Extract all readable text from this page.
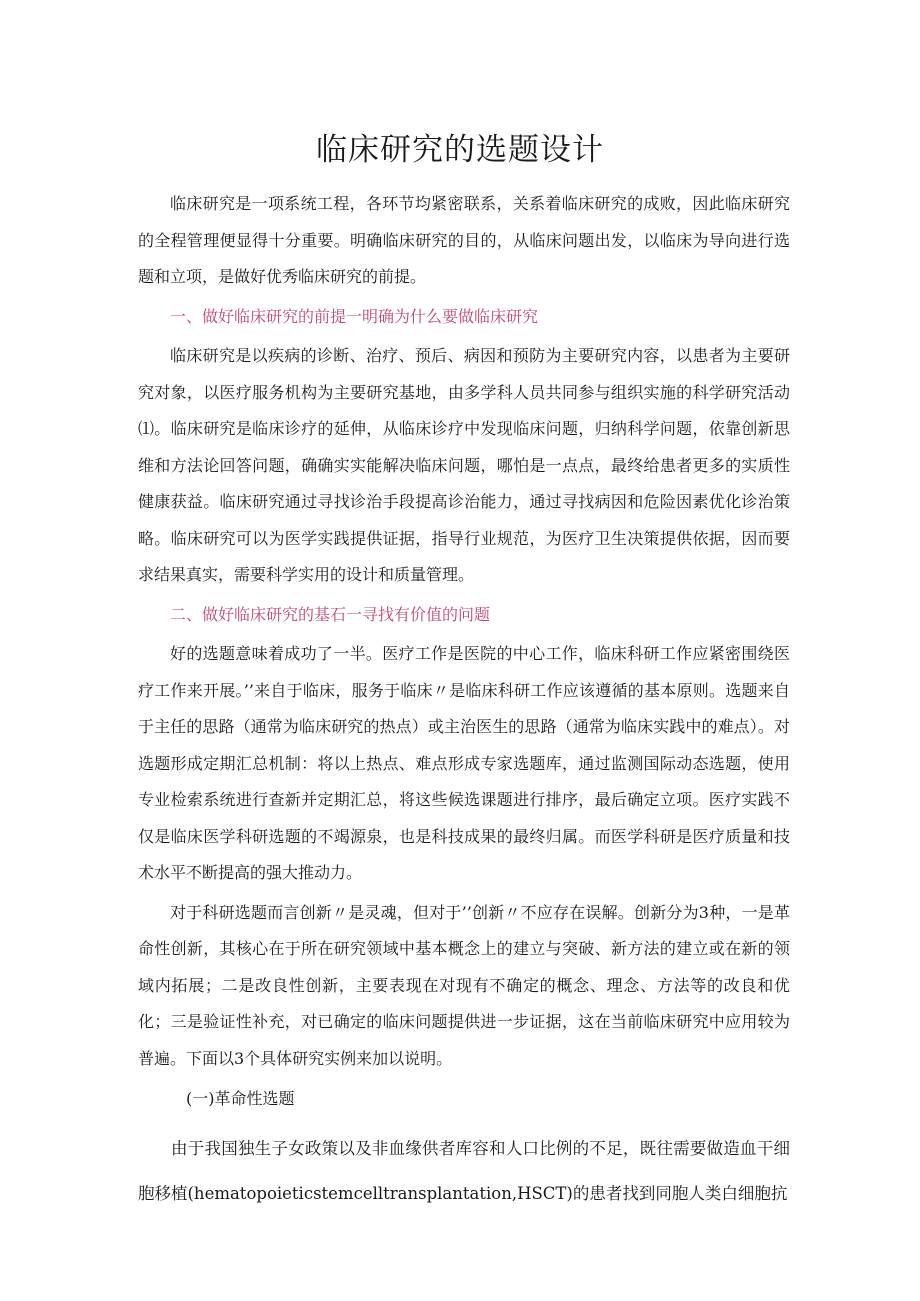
临床研究的选题设计

临床研究是一项系统工程，各环节均紧密联系，关系着临床研究的成败，因此临床研究的全程管理便显得十分重要。明确临床研究的目的，从临床问题出发，以临床为导向进行选题和立项，是做好优秀临床研究的前提。

一、做好临床研究的前提一明确为什么要做临床研究

临床研究是以疾病的诊断、治疗、预后、病因和预防为主要研究内容，以患者为主要研究对象，以医疗服务机构为主要研究基地，由多学科人员共同参与组织实施的科学研究活动⑴。临床研究是临床诊疗的延伸，从临床诊疗中发现临床问题，归纳科学问题，依靠创新思维和方法论回答问题，确确实实能解决临床问题，哪怕是一点点，最终给患者更多的实质性健康获益。临床研究通过寻找诊治手段提高诊治能力，通过寻找病因和危险因素优化诊治策略。临床研究可以为医学实践提供证据，指导行业规范，为医疗卫生决策提供依据，因而要求结果真实，需要科学实用的设计和质量管理。

二、做好临床研究的基石一寻找有价值的问题

好的选题意味着成功了一半。医疗工作是医院的中心工作，临床科研工作应紧密围绕医疗工作来开展。’’来自于临床，服务于临床〃是临床科研工作应该遵循的基本原则。选题来自于主任的思路（通常为临床研究的热点）或主治医生的思路（通常为临床实践中的难点）。对选题形成定期汇总机制：将以上热点、难点形成专家选题库，通过监测国际动态选题，使用专业检索系统进行查新并定期汇总，将这些候选课题进行排序，最后确定立项。医疗实践不仅是临床医学科研选题的不竭源泉，也是科技成果的最终归属。而医学科研是医疗质量和技术水平不断提高的强大推动力。

对于科研选题而言创新〃是灵魂，但对于’’创新〃不应存在误解。创新分为3种，一是革命性创新，其核心在于所在研究领域中基本概念上的建立与突破、新方法的建立或在新的领域内拓展；二是改良性创新，主要表现在对现有不确定的概念、理念、方法等的改良和优化；三是验证性补充，对已确定的临床问题提供进一步证据，这在当前临床研究中应用较为普遍。下面以3个具体研究实例来加以说明。

(一)革命性选题

由于我国独生子女政策以及非血缘供者库容和人口比例的不足，既往需要做造血干细胞移植(hematopoieticstemcelltransplantation,HSCT)的患者找到同胞人类白细胞抗
